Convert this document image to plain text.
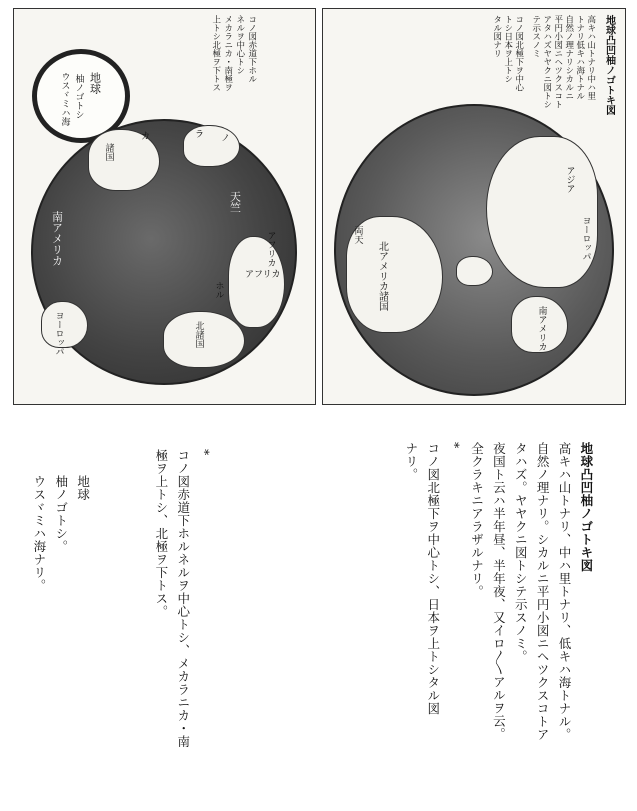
地球
柚ノゴトシ
ウスヾミハ海
コノ図赤道下ホル
ネルヲ中心トシ
メカラニカ・南極ヲ
上トシ北極ヲ下トス
諸国
カ	ラ ノ
天竺
南アメリカ	アフリカ
アフリカ
北諸国
ホル
ヨーロッパ
地球凸凹柚ノゴトキ図
高キハ山トナリ中ハ里
トナリ低キハ海トナル
自然ノ理ナリシカルニ
平円小図ニヘツクスコト
アタハズヤヤクニ図トシ
テ示スノミ
コノ図北極下ヲ中心
トシ日本ヲ上トシ
タル図ナリ
北アメリカ諸国
両天
アジア
ヨーロッパ
南アメリカ

地球凸凹柚ノゴトキ図
高キハ山トナリ、中ハ里トナリ、低キハ海トナル。
自然ノ理ナリ。シカルニ平円小図ニヘツクスコトア
タハズ。ヤヤクニ図トシテ示スノミ。
夜国ト云ハ半年昼、半年夜、又イロ〳〵アルヲ云。
全クラキニアラザルナリ。
*
コノ図北極下ヲ中心トシ、日本ヲ上トシタル図
ナリ。

*
コノ図赤道下ホルネルヲ中心トシ、メカラニカ・南
極ヲ上トシ、北極ヲ下トス。

地球
柚ノゴトシ。
ウスヾミハ海ナリ。
